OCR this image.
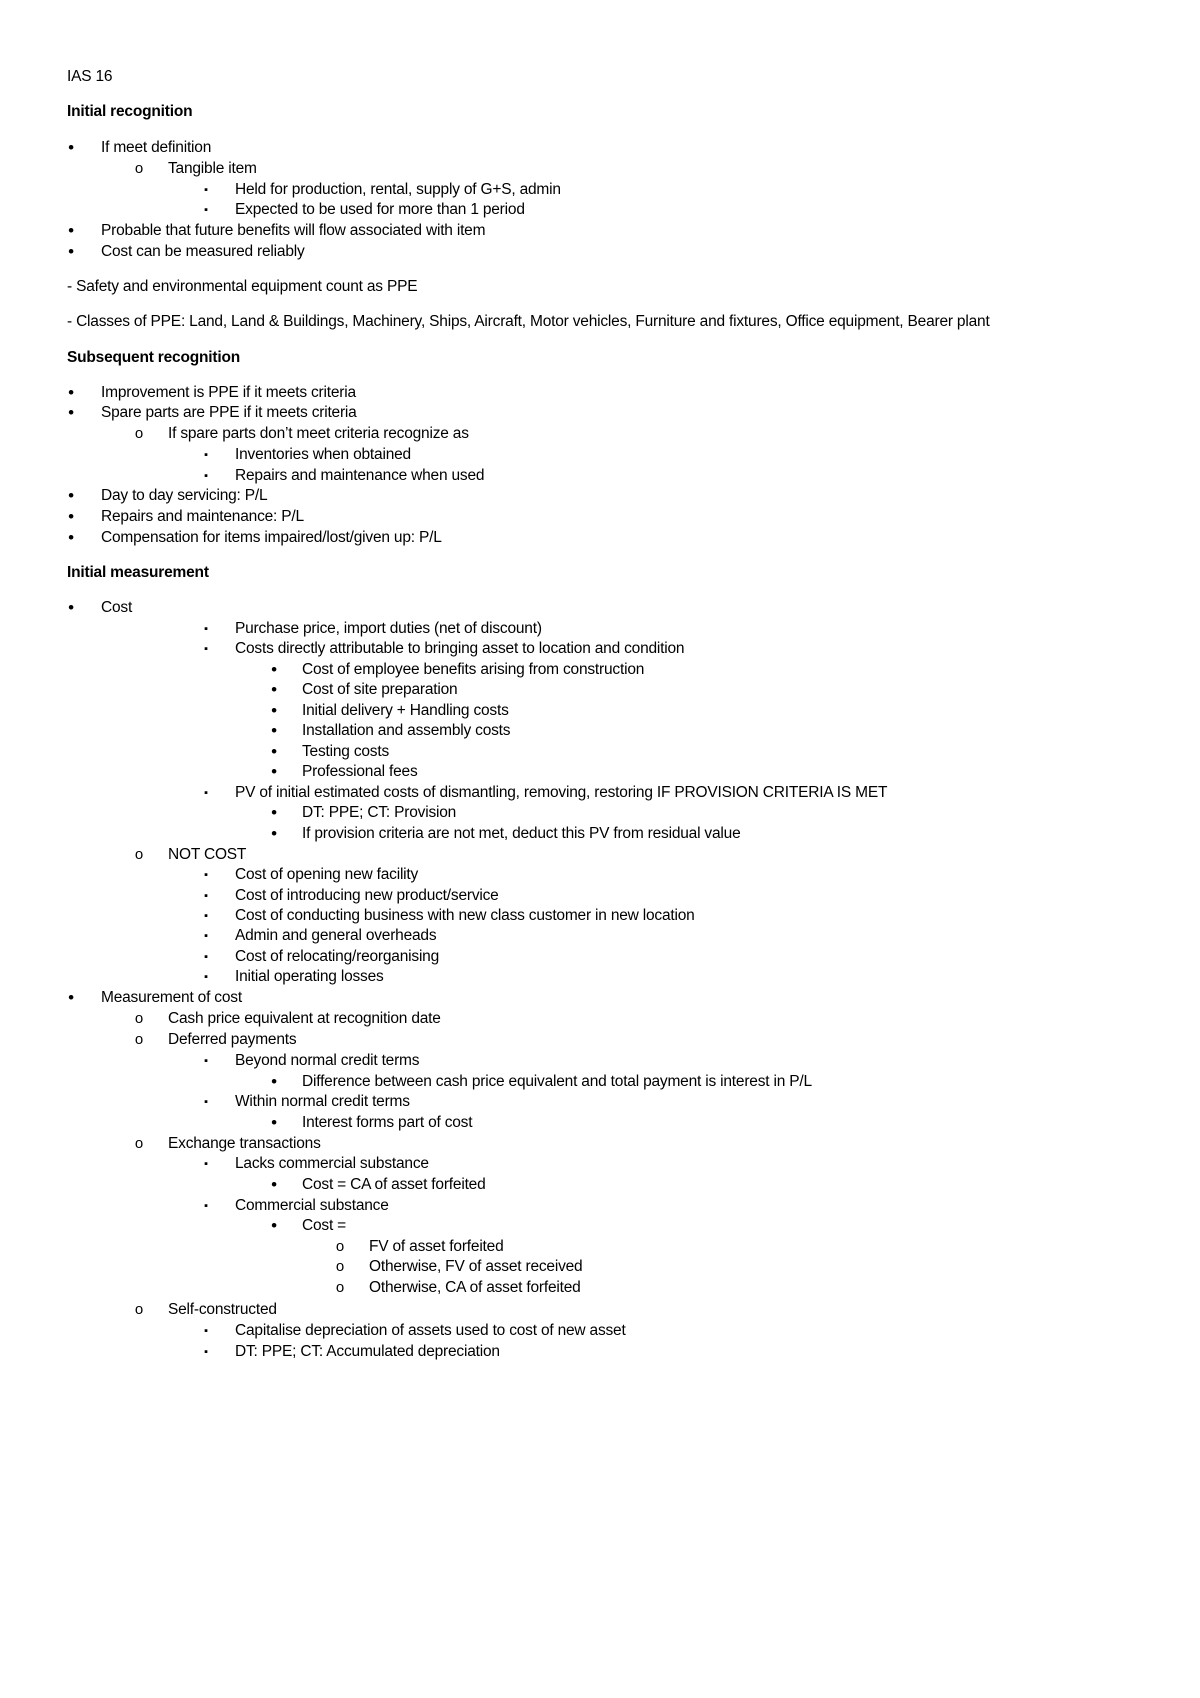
IAS 16
Initial recognition
• If meet definition
o Tangible item
▪	Held for production, rental, supply of G+S, admin
▪	Expected to be used for more than 1 period
• Probable that future benefits will flow associated with item
• Cost can be measured reliably
- Safety and environmental equipment count as PPE
- Classes of PPE: Land, Land & Buildings, Machinery, Ships, Aircraft, Motor vehicles, Furniture and fixtures, Office equipment, Bearer plant
Subsequent recognition
• Improvement is PPE if it meets criteria
• Spare parts are PPE if it meets criteria
o If spare parts don’t meet criteria recognize as
▪	Inventories when obtained
▪	Repairs and maintenance when used
• Day to day servicing: P/L
• Repairs and maintenance: P/L
• Compensation for items impaired/lost/given up: P/L
Initial measurement
• Cost
▪	Purchase price, import duties (net of discount)
▪	Costs directly attributable to bringing asset to location and condition
• Cost of employee benefits arising from construction
• Cost of site preparation
• Initial delivery + Handling costs
• Installation and assembly costs
• Testing costs
• Professional fees
▪	PV of initial estimated costs of dismantling, removing, restoring IF PROVISION CRITERIA IS MET
• DT: PPE; CT: Provision
• If provision criteria are not met, deduct this PV from residual value
o NOT COST
▪	Cost of opening new facility
▪	Cost of introducing new product/service
▪	Cost of conducting business with new class customer in new location
▪	Admin and general overheads
▪	Cost of relocating/reorganising
▪	Initial operating losses
• Measurement of cost
o Cash price equivalent at recognition date
o Deferred payments
▪	Beyond normal credit terms
• Difference between cash price equivalent and total payment is interest in P/L
▪	Within normal credit terms
• Interest forms part of cost
o Exchange transactions
▪	Lacks commercial substance
• Cost = CA of asset forfeited
▪	Commercial substance
• Cost =
o FV of asset forfeited
o Otherwise, FV of asset received
o Otherwise, CA of asset forfeited
o Self-constructed
▪	Capitalise depreciation of assets used to cost of new asset
▪	DT: PPE; CT: Accumulated depreciation
